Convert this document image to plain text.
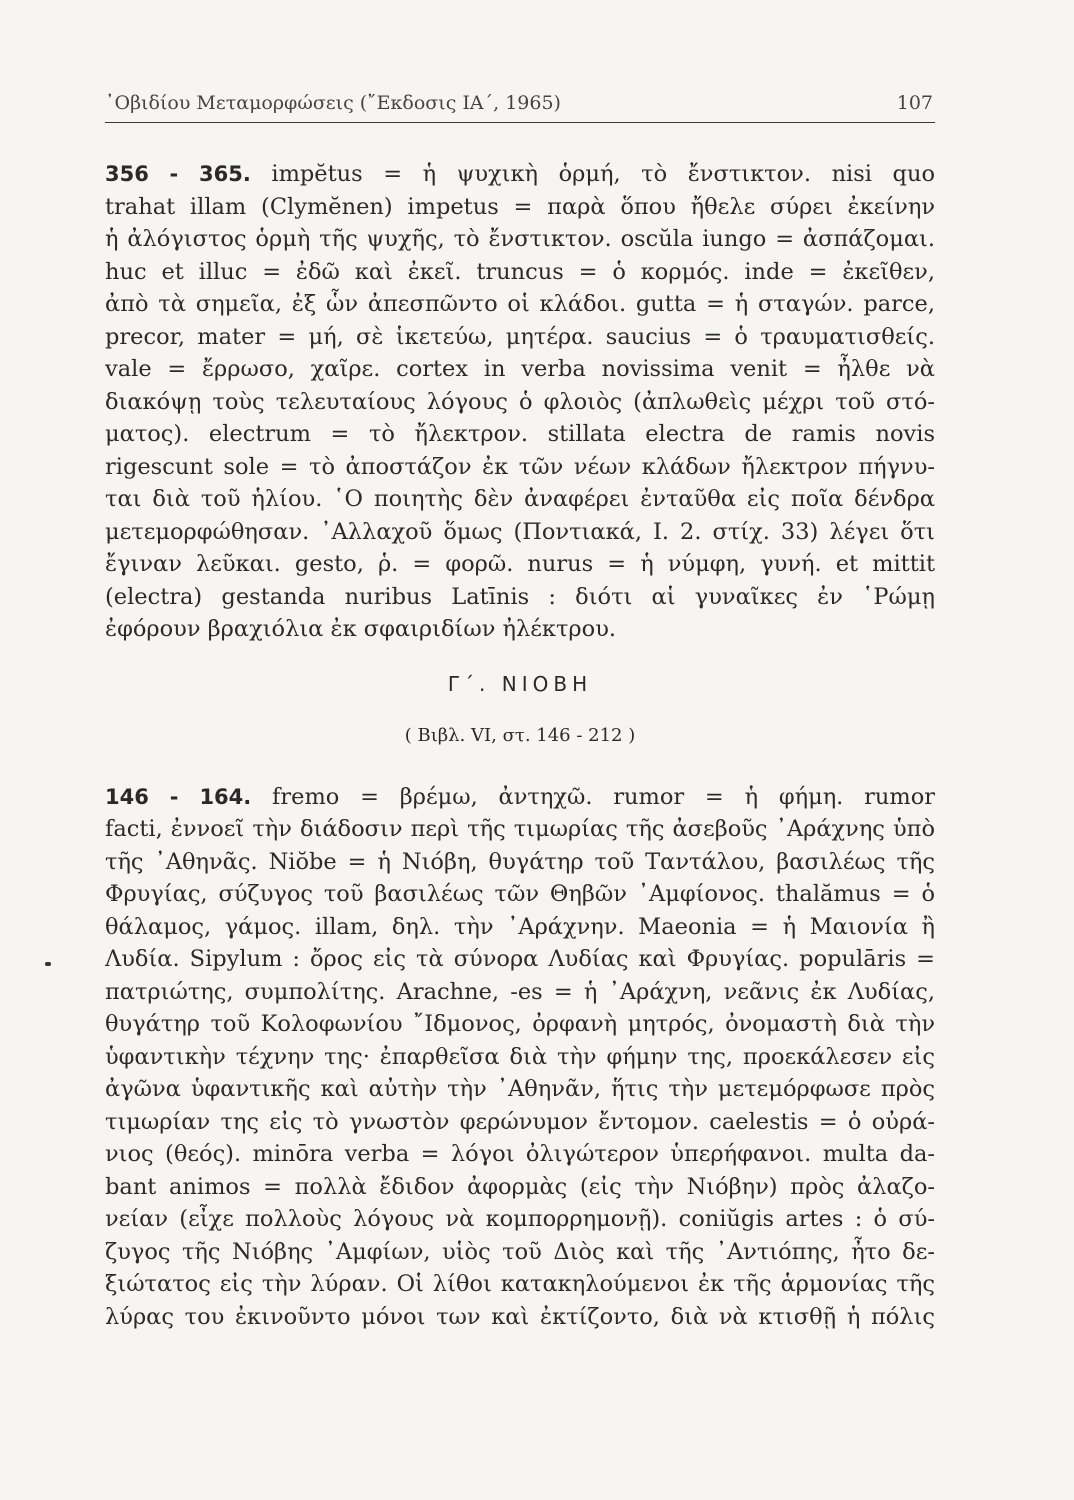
᾽Οβιδίου Μεταμορφώσεις (῎Εκδοσις ΙΑ΄, 1965)	107
356 - 365. impĕtus = ἡ ψυχικὴ ὁρμή, τὸ ἔνστικτον. nisi quo
trahat illam (Clymĕnen) impetus = παρὰ ὅπου ἤθελε σύρει ἐκείνην
ἡ ἀλόγιστος ὁρμὴ τῆς ψυχῆς, τὸ ἔνστικτον. oscŭla iungo = ἀσπάζομαι.
huc et illuc = ἐδῶ καὶ ἐκεῖ. truncus = ὁ κορμός. inde = ἐκεῖθεν,
ἀπὸ τὰ σημεῖα, ἐξ ὧν ἀπεσπῶντο οἱ κλάδοι. gutta = ἡ σταγών. parce,
precor, mater = μή, σὲ ἱκετεύω, μητέρα. saucius = ὁ τραυματισθείς.
vale = ἔρρωσο, χαῖρε. cortex in verba novissima venit = ἦλθε νὰ
διακόψῃ τοὺς τελευταίους λόγους ὁ φλοιὸς (ἀπλωθεὶς μέχρι τοῦ στό-
ματος). electrum = τὸ ἤλεκτρον. stillata electra de ramis novis
rigescunt sole = τὸ ἀποστάζον ἐκ τῶν νέων κλάδων ἤλεκτρον πήγνυ-
ται διὰ τοῦ ἡλίου. ῾Ο ποιητὴς δὲν ἀναφέρει ἐνταῦθα εἰς ποῖα δένδρα
μετεμορφώθησαν. ᾽Αλλαχοῦ ὅμως (Ποντιακά, Ι. 2. στίχ. 33) λέγει ὅτι
ἔγιναν λεῦκαι. gesto, ῥ. = φορῶ. nurus = ἡ νύμφη, γυνή. et mittit
(electra) gestanda nuribus Latīnis : διότι αἱ γυναῖκες ἐν ῾Ρώμῃ
ἐφόρουν βραχιόλια ἐκ σφαιριδίων ἠλέκτρου.
Γ΄. ΝΙΟΒΗ
( Βιβλ. VI, στ. 146 - 212 )
146 - 164. fremo = βρέμω, ἀντηχῶ. rumor = ἡ φήμη. rumor
facti, ἐννοεῖ τὴν διάδοσιν περὶ τῆς τιμωρίας τῆς ἀσεβοῦς ᾽Αράχνης ὑπὸ
τῆς ᾽Αθηνᾶς. Niŏbe = ἡ Νιόβη, θυγάτηρ τοῦ Ταντάλου, βασιλέως τῆς
Φρυγίας, σύζυγος τοῦ βασιλέως τῶν Θηβῶν ᾽Αμφίονος. thalămus = ὁ
θάλαμος, γάμος. illam, δηλ. τὴν ᾽Αράχνην. Maeonia = ἡ Μαιονία ἢ
Λυδία. Sipylum : ὄρος εἰς τὰ σύνορα Λυδίας καὶ Φρυγίας. populāris =
πατριώτης, συμπολίτης. Arachne, -es = ἡ ᾽Αράχνη, νεᾶνις ἐκ Λυδίας,
θυγάτηρ τοῦ Κολοφωνίου ῎Ιδμονος, ὀρφανὴ μητρός, ὀνομαστὴ διὰ τὴν
ὑφαντικὴν τέχνην της· ἐπαρθεῖσα διὰ τὴν φήμην της, προεκάλεσεν εἰς
ἀγῶνα ὑφαντικῆς καὶ αὐτὴν τὴν ᾽Αθηνᾶν, ἥτις τὴν μετεμόρφωσε πρὸς
τιμωρίαν της εἰς τὸ γνωστὸν φερώνυμον ἔντομον. caelestis = ὁ οὐρά-
νιος (θεός). minōra verba = λόγοι ὀλιγώτερον ὑπερήφανοι. multa da-
bant animos = πολλὰ ἔδιδον ἀφορμὰς (εἰς τὴν Νιόβην) πρὸς ἀλαζο-
νείαν (εἶχε πολλοὺς λόγους νὰ κομπορρημονῇ). coniŭgis artes : ὁ σύ-
ζυγος τῆς Νιόβης ᾽Αμφίων, υἱὸς τοῦ Διὸς καὶ τῆς ᾽Αντιόπης, ἦτο δε-
ξιώτατος εἰς τὴν λύραν. Οἱ λίθοι κατακηλούμενοι ἐκ τῆς ἁρμονίας τῆς
λύρας του ἐκινοῦντο μόνοι των καὶ ἐκτίζοντο, διὰ νὰ κτισθῇ ἡ πόλις
